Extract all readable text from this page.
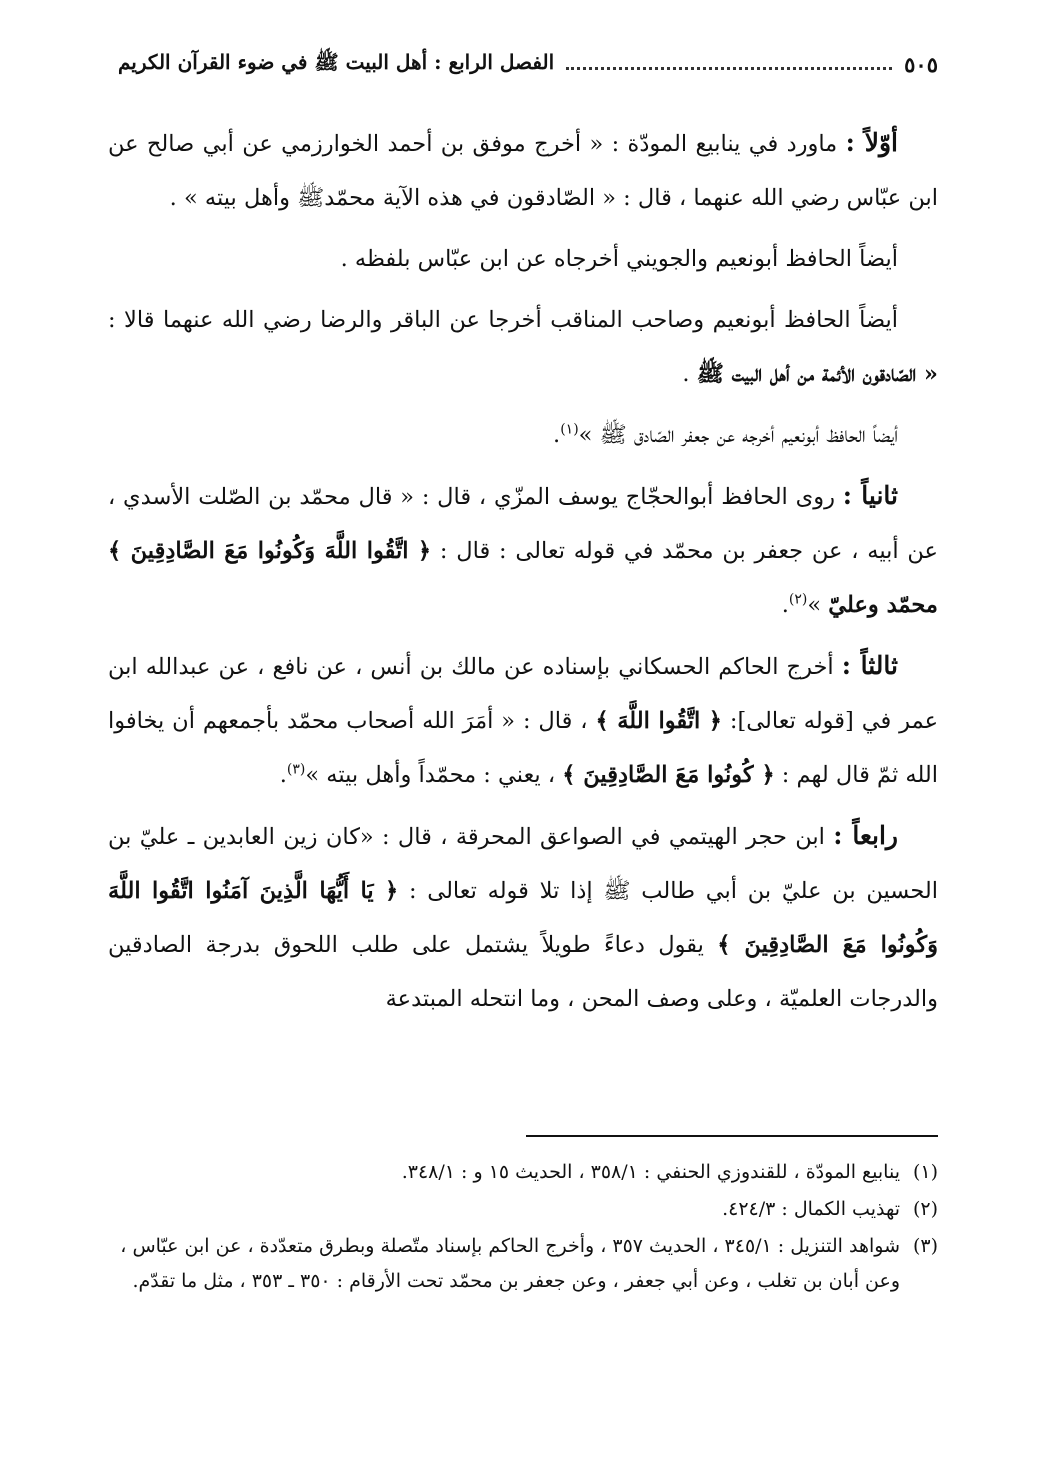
الفصل الرابع : أهل البيت ﷺ في ضوء القرآن الكريم	٥٠٥

أوّلاً : ماورد في ينابيع المودّة : « أخرج موفق بن أحمد الخوارزمي عن أبي صالح عن ابن عبّاس رضي الله عنهما ، قال : « الصّادقون في هذه الآية محمّدﷺ وأهل بيته » .

أيضاً الحافظ أبونعيم والجويني أخرجاه عن ابن عبّاس بلفظه .

أيضاً الحافظ أبونعيم وصاحب المناقب أخرجا عن الباقر والرضا رضي الله عنهما قالا : « الصّادقون الأئمة من أهل البيت ﷺ .

أيضاً الحافظ أبونعيم أخرجه عن جعفر الصّادق ﷺ »$^{(١)}$.

ثانياً : روى الحافظ أبوالحجّاج يوسف المزّي ، قال : « قال محمّد بن الصّلت الأسدي ، عن أبيه ، عن جعفر بن محمّد في قوله تعالى : قال : ﴿ اتَّقُوا اللَّهَ وَكُونُوا مَعَ الصَّادِقِينَ ﴾ محمّد وعليّ »$^{(٢)}$.

ثالثاً : أخرج الحاكم الحسكاني بإسناده عن مالك بن أنس ، عن نافع ، عن عبدالله ابن عمر في [قوله تعالى]: ﴿ اتَّقُوا اللَّهَ ﴾ ، قال : « أمَرَ الله أصحاب محمّد بأجمعهم أن يخافوا الله ثمّ قال لهم : ﴿ كُونُوا مَعَ الصَّادِقِينَ ﴾ ، يعني : محمّداً وأهل بيته »$^{(٣)}$.

رابعاً : ابن حجر الهيتمي في الصواعق المحرقة ، قال : «كان زين العابدين ـ عليّ بن الحسين بن عليّ بن أبي طالب ﷺ إذا تلا قوله تعالى : ﴿ يَا أَيُّهَا الَّذِينَ آمَنُوا اتَّقُوا اللَّهَ وَكُونُوا مَعَ الصَّادِقِينَ ﴾ يقول دعاءً طويلاً يشتمل على طلب اللحوق بدرجة الصادقين والدرجات العلميّة ، وعلى وصف المحن ، وما انتحله المبتدعة

(١)
ينابيع المودّة ، للقندوزي الحنفي : ٣٥٨/١ ، الحديث ١٥ و : ٣٤٨/١.
(٢)
تهذيب الكمال : ٤٢٤/٣.
(٣)
شواهد التنزيل : ٣٤٥/١ ، الحديث ٣٥٧ ، وأخرج الحاكم بإسناد متّصلة وبطرق متعدّدة ، عن ابن عبّاس ، وعن أبان بن تغلب ، وعن أبي جعفر ، وعن جعفر بن محمّد تحت الأرقام : ٣٥٠ ـ ٣٥٣ ، مثل ما تقدّم.
